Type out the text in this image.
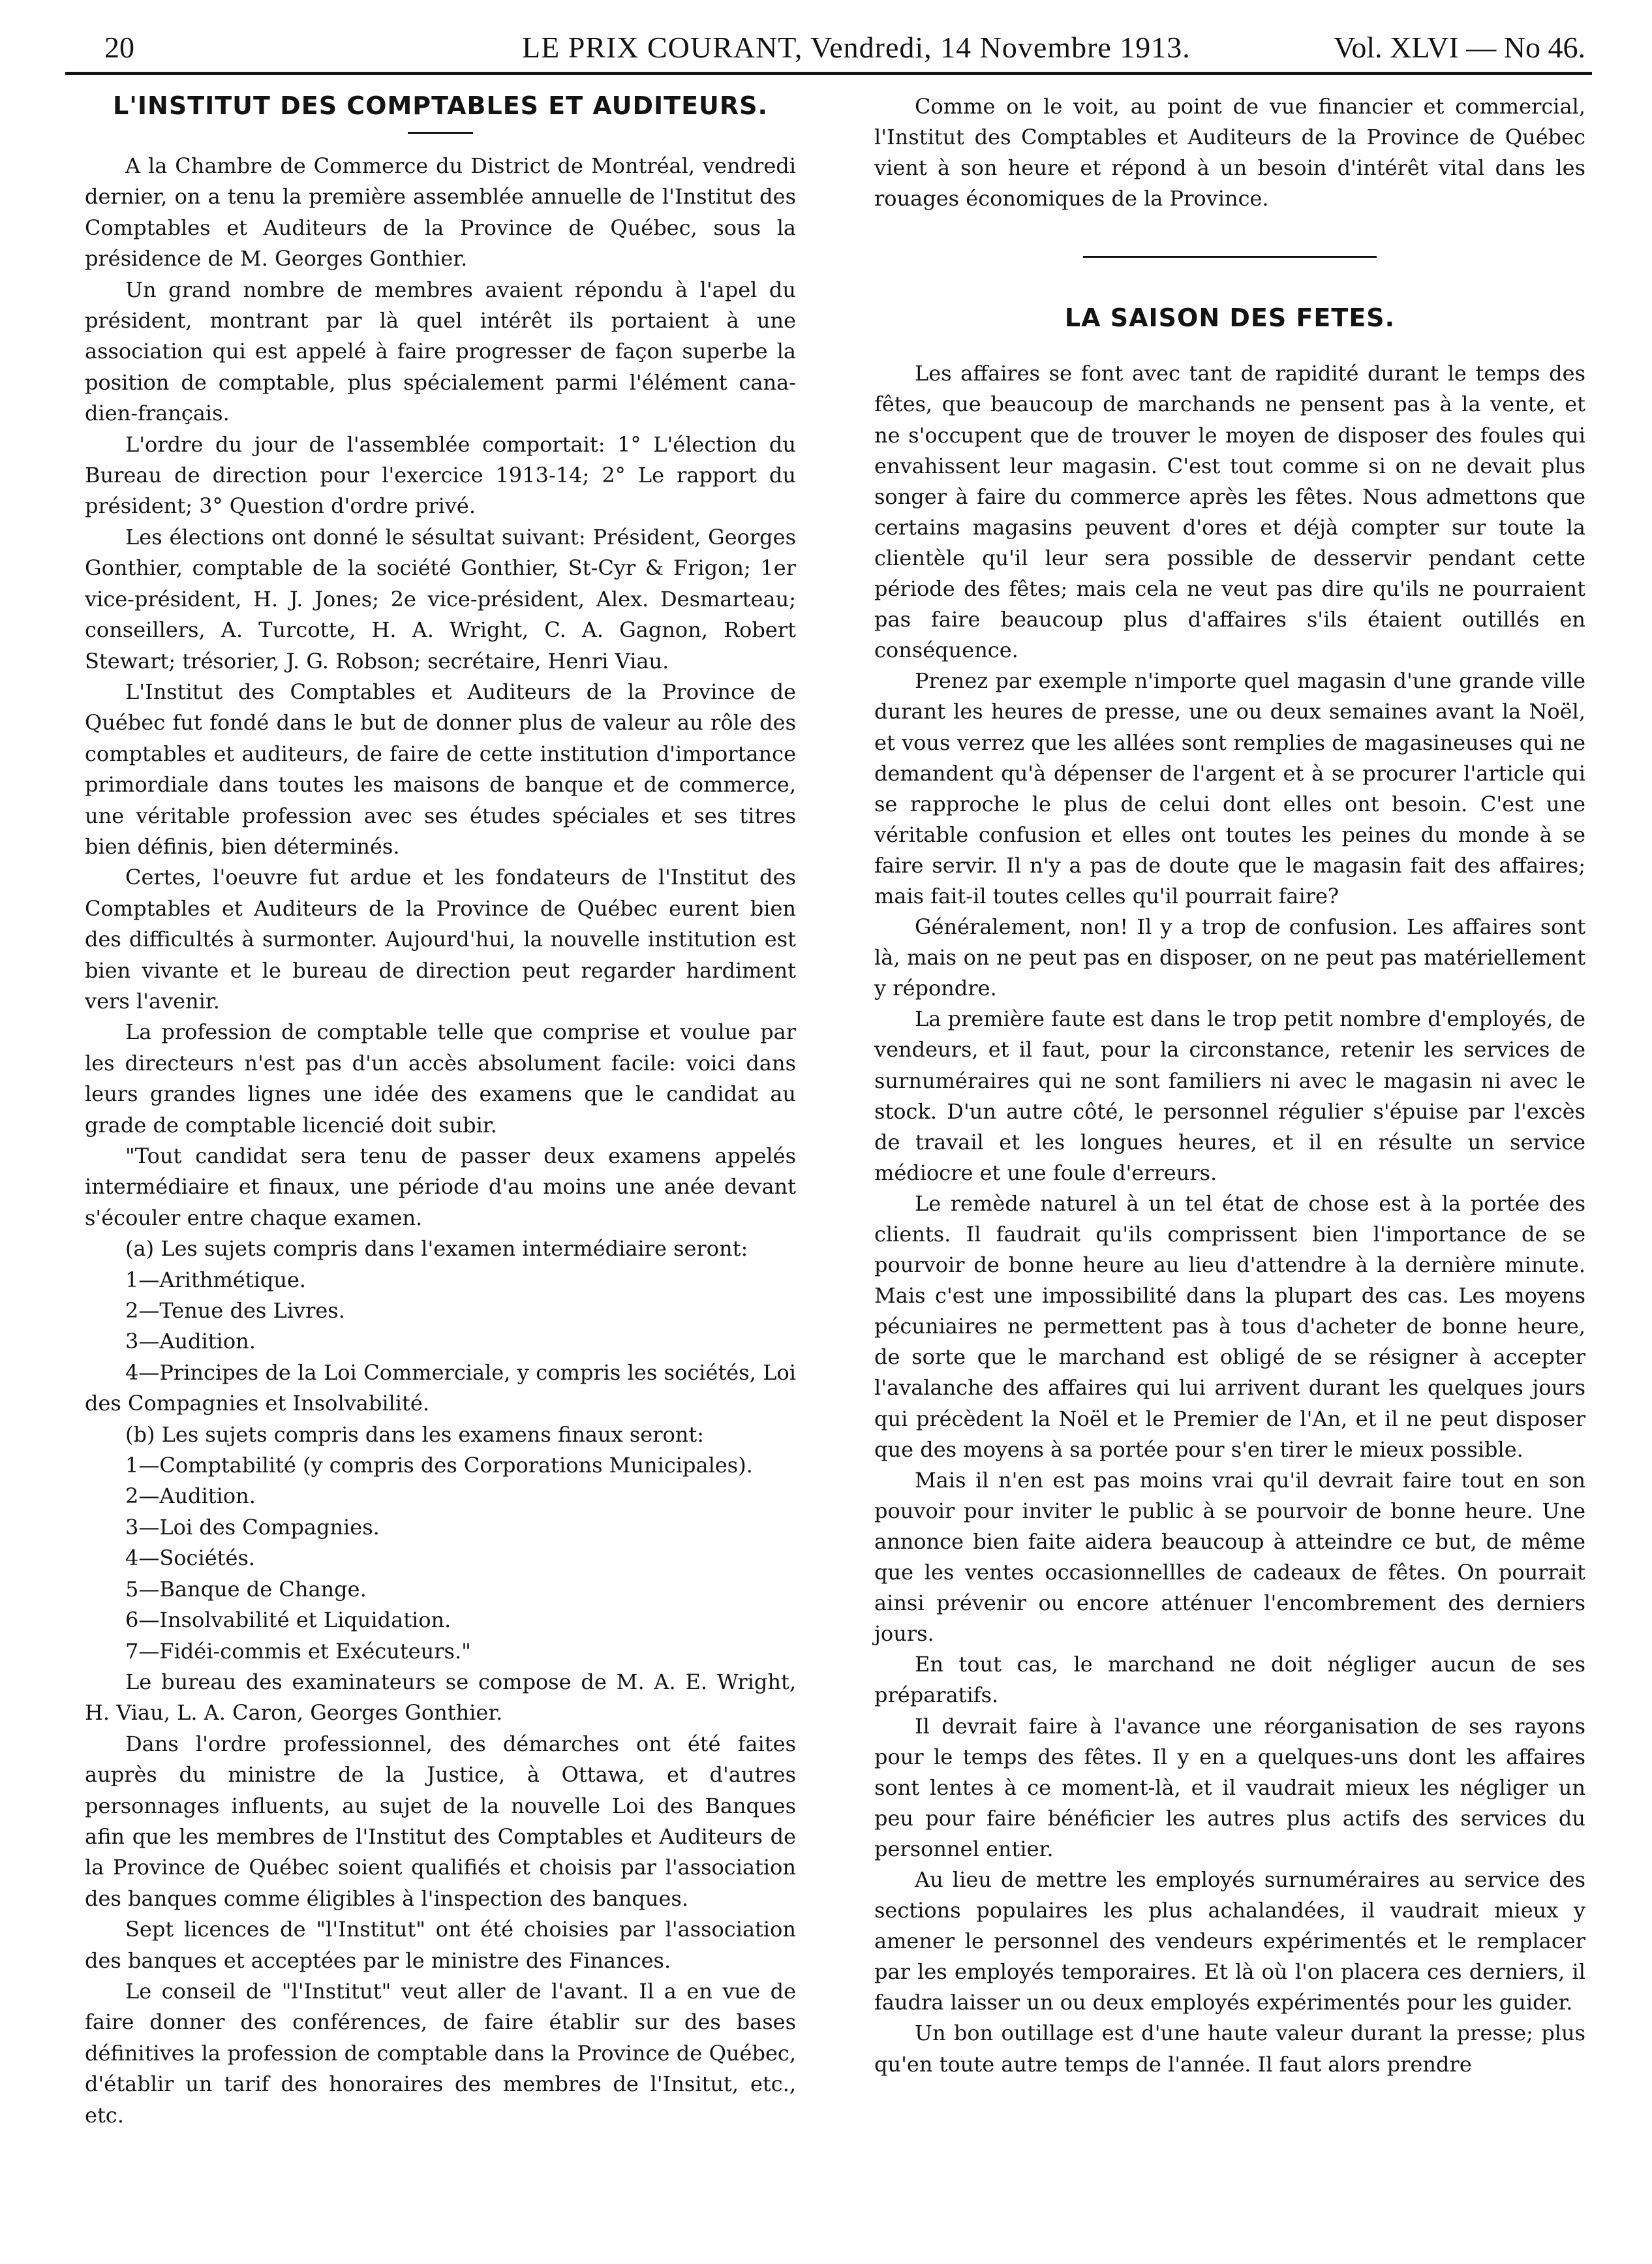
20	LE PRIX COURANT, Vendredi, 14 Novembre 1913.	Vol. XLVI — No 46.
L'INSTITUT DES COMPTABLES ET AUDITEURS.

A la Chambre de Commerce du District de Montréal, vendredi dernier, on a tenu la première assemblée annuelle de l'Institut des Comptables et Auditeurs de la Province de Québec, sous la présidence de M. Georges Gonthier.

Un grand nombre de membres avaient répondu à l'apel du président, montrant par là quel intérêt ils portaient à une association qui est appelé à faire progresser de façon superbe la position de comptable, plus spécialement parmi l'élément cana-dien-français.

L'ordre du jour de l'assemblée comportait: 1° L'élection du Bureau de direction pour l'exercice 1913-14; 2° Le rapport du président; 3° Question d'ordre privé.

Les élections ont donné le sésultat suivant: Président, Georges Gonthier, comptable de la société Gonthier, St-Cyr & Frigon; 1er vice-président, H. J. Jones; 2e vice-président, Alex. Desmarteau; conseillers, A. Turcotte, H. A. Wright, C. A. Gagnon, Robert Stewart; trésorier, J. G. Robson; secrétaire, Henri Viau.

L'Institut des Comptables et Auditeurs de la Province de Québec fut fondé dans le but de donner plus de valeur au rôle des comptables et auditeurs, de faire de cette institution d'importance primordiale dans toutes les maisons de banque et de commerce, une véritable profession avec ses études spéciales et ses titres bien définis, bien déterminés.

Certes, l'oeuvre fut ardue et les fondateurs de l'Institut des Comptables et Auditeurs de la Province de Québec eurent bien des difficultés à surmonter. Aujourd'hui, la nouvelle institution est bien vivante et le bureau de direction peut regarder hardiment vers l'avenir.

La profession de comptable telle que comprise et voulue par les directeurs n'est pas d'un accès absolument facile: voici dans leurs grandes lignes une idée des examens que le candidat au grade de comptable licencié doit subir.

"Tout candidat sera tenu de passer deux examens appelés intermédiaire et finaux, une période d'au moins une anée devant s'écouler entre chaque examen.

(a) Les sujets compris dans l'examen intermédiaire seront:
1—Arithmétique.
2—Tenue des Livres.
3—Audition.
4—Principes de la Loi Commerciale, y compris les sociétés, Loi des Compagnies et Insolvabilité.
(b) Les sujets compris dans les examens finaux seront:
1—Comptabilité (y compris des Corporations Municipales).
2—Audition.
3—Loi des Compagnies.
4—Sociétés.
5—Banque de Change.
6—Insolvabilité et Liquidation.
7—Fidéi-commis et Exécuteurs."

Le bureau des examinateurs se compose de M. A. E. Wright, H. Viau, L. A. Caron, Georges Gonthier.

Dans l'ordre professionnel, des démarches ont été faites auprès du ministre de la Justice, à Ottawa, et d'autres personnages influents, au sujet de la nouvelle Loi des Banques afin que les membres de l'Institut des Comptables et Auditeurs de la Province de Québec soient qualifiés et choisis par l'association des banques comme éligibles à l'inspection des banques.

Sept licences de "l'Institut" ont été choisies par l'association des banques et acceptées par le ministre des Finances.

Le conseil de "l'Institut" veut aller de l'avant. Il a en vue de faire donner des conférences, de faire établir sur des bases définitives la profession de comptable dans la Province de Québec, d'établir un tarif des honoraires des membres de l'Insitut, etc., etc.

Comme on le voit, au point de vue financier et commercial, l'Institut des Comptables et Auditeurs de la Province de Québec vient à son heure et répond à un besoin d'intérêt vital dans les rouages économiques de la Province.

LA SAISON DES FETES.

Les affaires se font avec tant de rapidité durant le temps des fêtes, que beaucoup de marchands ne pensent pas à la vente, et ne s'occupent que de trouver le moyen de disposer des foules qui envahissent leur magasin. C'est tout comme si on ne devait plus songer à faire du commerce après les fêtes. Nous admettons que certains magasins peuvent d'ores et déjà compter sur toute la clientèle qu'il leur sera possible de desservir pendant cette période des fêtes; mais cela ne veut pas dire qu'ils ne pourraient pas faire beaucoup plus d'affaires s'ils étaient outillés en conséquence.

Prenez par exemple n'importe quel magasin d'une grande ville durant les heures de presse, une ou deux semaines avant la Noël, et vous verrez que les allées sont remplies de magasineuses qui ne demandent qu'à dépenser de l'argent et à se procurer l'article qui se rapproche le plus de celui dont elles ont besoin. C'est une véritable confusion et elles ont toutes les peines du monde à se faire servir. Il n'y a pas de doute que le magasin fait des affaires; mais fait-il toutes celles qu'il pourrait faire?

Généralement, non! Il y a trop de confusion. Les affaires sont là, mais on ne peut pas en disposer, on ne peut pas matériellement y répondre.

La première faute est dans le trop petit nombre d'employés, de vendeurs, et il faut, pour la circonstance, retenir les services de surnuméraires qui ne sont familiers ni avec le magasin ni avec le stock. D'un autre côté, le personnel régulier s'épuise par l'excès de travail et les longues heures, et il en résulte un service médiocre et une foule d'erreurs.

Le remède naturel à un tel état de chose est à la portée des clients. Il faudrait qu'ils comprissent bien l'importance de se pourvoir de bonne heure au lieu d'attendre à la dernière minute. Mais c'est une impossibilité dans la plupart des cas. Les moyens pécuniaires ne permettent pas à tous d'acheter de bonne heure, de sorte que le marchand est obligé de se résigner à accepter l'avalanche des affaires qui lui arrivent durant les quelques jours qui précèdent la Noël et le Premier de l'An, et il ne peut disposer que des moyens à sa portée pour s'en tirer le mieux possible.

Mais il n'en est pas moins vrai qu'il devrait faire tout en son pouvoir pour inviter le public à se pourvoir de bonne heure. Une annonce bien faite aidera beaucoup à atteindre ce but, de même que les ventes occasionnellles de cadeaux de fêtes. On pourrait ainsi prévenir ou encore atténuer l'encombrement des derniers jours.

En tout cas, le marchand ne doit négliger aucun de ses préparatifs.

Il devrait faire à l'avance une réorganisation de ses rayons pour le temps des fêtes. Il y en a quelques-uns dont les affaires sont lentes à ce moment-là, et il vaudrait mieux les négliger un peu pour faire bénéficier les autres plus actifs des services du personnel entier.

Au lieu de mettre les employés surnuméraires au service des sections populaires les plus achalandées, il vaudrait mieux y amener le personnel des vendeurs expérimentés et le remplacer par les employés temporaires. Et là où l'on placera ces derniers, il faudra laisser un ou deux employés expérimentés pour les guider.

Un bon outillage est d'une haute valeur durant la presse; plus qu'en toute autre temps de l'année. Il faut alors prendre
